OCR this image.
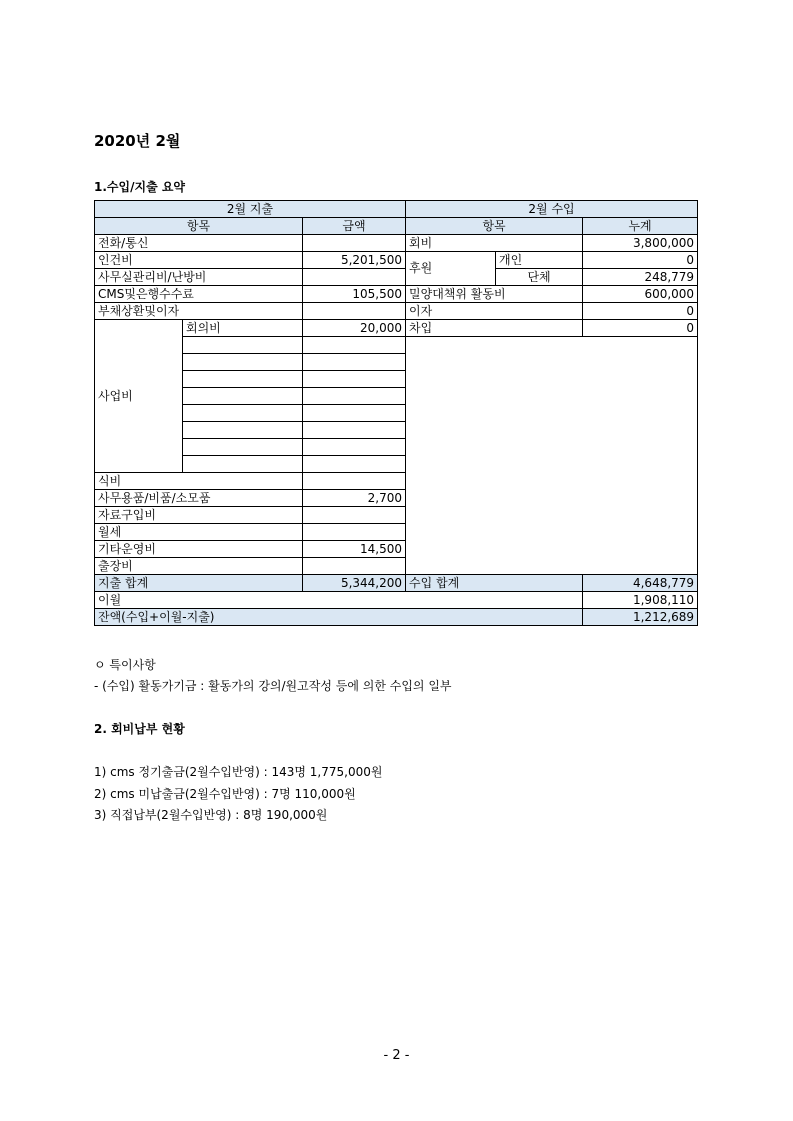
2020년 2월
1.수입/지출 요약
2월 지출			2월 수입		
항목		금액	항목		누계
전화/통신			회비		3,800,000
인건비		5,201,500	후원	개인	0
사무실관리비/난방비				단체	248,779
CMS및은행수수료		105,500	밀양대책위 활동비		600,000
부채상환및이자			이자		0
사업비	회의비	20,000	차입		0

식비					
사무용품/비품/소모품		2,700			
자료구입비					
월세					
기타운영비		14,500			
출장비					
지출 합계		5,344,200	수입 합계		4,648,779
이월					1,908,110
잔액(수입+이월-지출)					1,212,689
ㅇ 특이사항
- (수입) 활동가기금 : 활동가의 강의/원고작성 등에 의한 수입의 일부
2. 회비납부 현황
1) cms 정기출금(2월수입반영) : 143명 1,775,000원
2) cms 미납출금(2월수입반영) : 7명 110,000원
3) 직접납부(2월수입반영) : 8명 190,000원
- 2 -
